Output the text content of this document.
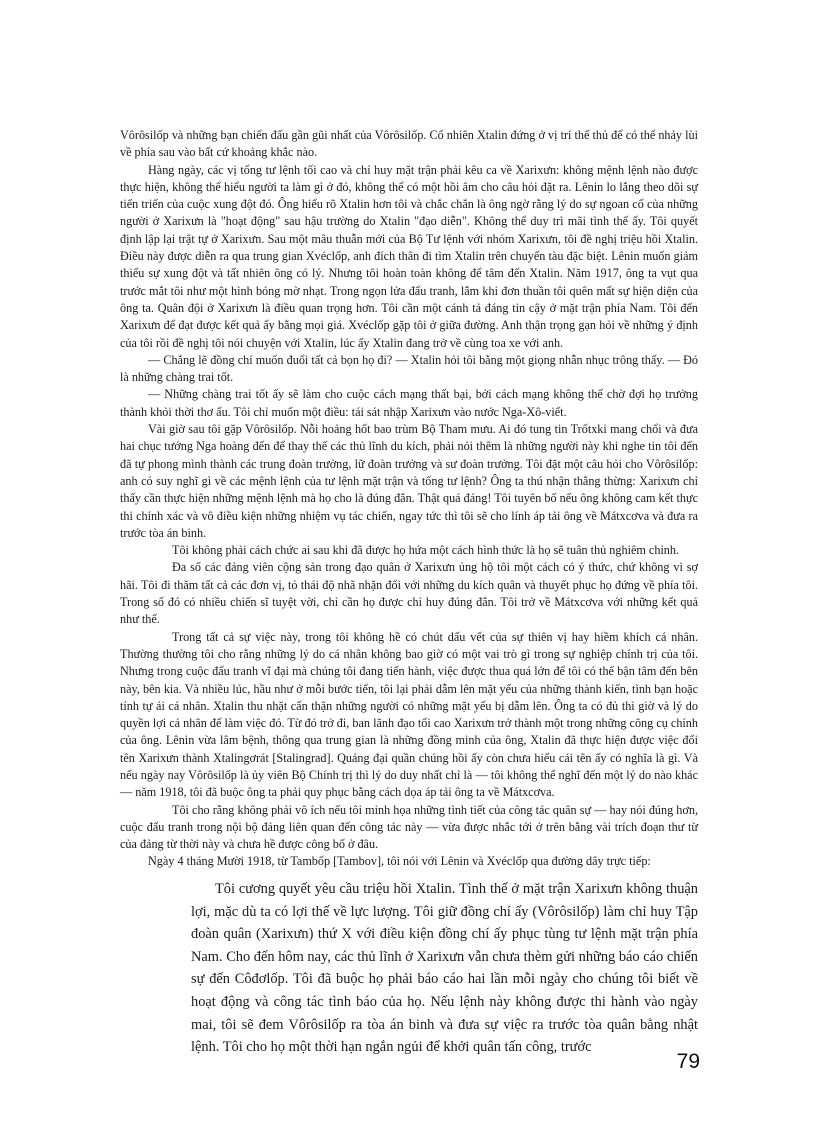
Vôrôsilốp và những bạn chiến đấu gần gũi nhất của Vôrôsilốp. Cố nhiên Xtalin đứng ở vị trí thế thủ để có thể nhảy lùi về phía sau vào bất cứ khoảng khắc nào.

Hàng ngày, các vị tổng tư lệnh tối cao và chỉ huy mặt trận phải kêu ca về Xarixưn: không mệnh lệnh nào được thực hiện, không thể hiểu người ta làm gì ở đó, không thể có một hồi âm cho câu hỏi đặt ra. Lênin lo lắng theo dõi sự tiến triển của cuộc xung đột đó. Ông hiểu rõ Xtalin hơn tôi và chắc chắn là ông ngờ rằng lý do sự ngoan cố của những người ở Xarixưn là "hoạt động" sau hậu trường do Xtalin "đạo diễn". Không thể duy trì mãi tình thế ấy. Tôi quyết định lập lại trật tự ở Xarixưn. Sau một mâu thuẫn mới của Bộ Tư lệnh với nhóm Xarixưn, tôi đề nghị triệu hồi Xtalin. Điều này được diễn ra qua trung gian Xvéclốp, anh đích thân đi tìm Xtalin trên chuyến tàu đặc biệt. Lênin muốn giảm thiểu sự xung đột và tất nhiên ông có lý. Nhưng tôi hoàn toàn không để tâm đến Xtalin. Năm 1917, ông ta vụt qua trước mắt tôi như một hình bóng mờ nhạt. Trong ngọn lửa đấu tranh, lắm khi đơn thuần tôi quên mất sự hiện diện của ông ta. Quân đội ở Xarixưn là điều quan trọng hơn. Tôi cần một cánh tả đáng tin cậy ở mặt trận phía Nam. Tôi đến Xarixưn để đạt được kết quả ấy bằng mọi giá. Xvéclốp gặp tôi ở giữa đường. Anh thận trọng gạn hỏi về những ý định của tôi rồi đề nghị tôi nói chuyện với Xtalin, lúc ấy Xtalin đang trở về cùng toa xe với anh.

— Chẳng lẽ đồng chí muốn đuổi tất cả bọn họ đi? — Xtalin hỏi tôi bằng một giọng nhẫn nhục trông thấy. — Đó là những chàng trai tốt.

— Những chàng trai tốt ấy sẽ làm cho cuộc cách mạng thất bại, bởi cách mạng không thể chờ đợi họ trưởng thành khỏi thời thơ ấu. Tôi chỉ muốn một điều: tái sát nhập Xarixưn vào nước Nga-Xô-viết.

Vài giờ sau tôi gặp Vôrôsilốp. Nỗi hoảng hốt bao trùm Bộ Tham mưu. Ai đó tung tin Trốtxki mang chổi và đưa hai chục tướng Nga hoàng đến để thay thế các thủ lĩnh du kích, phải nói thêm là những người này khi nghe tin tôi đến đã tự phong mình thành các trung đoàn trưởng, lữ đoàn trưởng và sư đoàn trưởng. Tôi đặt một câu hỏi cho Vôrôsilốp: anh có suy nghĩ gì về các mệnh lệnh của tư lệnh mặt trận và tổng tư lệnh? Ông ta thú nhận thẳng thừng: Xarixưn chỉ thấy cần thực hiện những mệnh lệnh mà họ cho là đúng đắn. Thật quá đáng! Tôi tuyên bố nếu ông không cam kết thực thi chính xác và vô điều kiện những nhiệm vụ tác chiến, ngay tức thì tôi sẽ cho lính áp tải ông về Mátxcơva và đưa ra trước tòa án binh.

Tôi không phải cách chức ai sau khi đã được họ hứa một cách hình thức là họ sẽ tuân thủ nghiêm chỉnh.

Đa số các đảng viên cộng sản trong đạo quân ở Xarixưn ủng hộ tôi một cách có ý thức, chứ không vì sợ hãi. Tôi đi thăm tất cả các đơn vị, tỏ thái độ nhã nhặn đối với những du kích quân và thuyết phục họ đứng về phía tôi. Trong số đó có nhiều chiến sĩ tuyệt vời, chỉ cần họ được chỉ huy đúng đắn. Tôi trở về Mátxcơva với những kết quả như thế.

Trong tất cả sự việc này, trong tôi không hề có chút dấu vết của sự thiên vị hay hiềm khích cá nhân. Thường thường tôi cho rằng những lý do cá nhân không bao giờ có một vai trò gì trong sự nghiệp chính trị của tôi. Nhưng trong cuộc đấu tranh vĩ đại mà chúng tôi đang tiến hành, việc được thua quá lớn để tôi có thể bận tâm đến bên này, bên kia. Và nhiều lúc, hầu như ở mỗi bước tiến, tôi lại phải dẫm lên mặt yếu của những thành kiến, tình bạn hoặc tính tự ái cá nhân. Xtalin thu nhặt cẩn thận những người có những mặt yếu bị dẫm lên. Ông ta có đủ thì giờ và lý do quyền lợi cá nhân để làm việc đó. Từ đó trở đi, ban lãnh đạo tối cao Xarixưn trở thành một trong những công cụ chính của ông. Lênin vừa lâm bệnh, thông qua trung gian là những đồng minh của ông, Xtalin đã thực hiện được việc đổi tên Xarixưn thành Xtalingơrát [Stalingrad]. Quảng đại quần chúng hồi ấy còn chưa hiểu cái tên ấy có nghĩa là gì. Và nếu ngày nay Vôrôsilốp là ủy viên Bộ Chính trị thì lý do duy nhất chỉ là — tôi không thể nghĩ đến một lý do nào khác — năm 1918, tôi đã buộc ông ta phải quy phục bằng cách dọa áp tải ông ta về Mátxcơva.

Tôi cho rằng không phải vô ích nếu tôi minh họa những tình tiết của công tác quân sự — hay nói đúng hơn, cuộc đấu tranh trong nội bộ đảng liên quan đến công tác này — vừa được nhắc tới ở trên bằng vài trích đoạn thư từ của đảng từ thời này và chưa hề được công bố ở đâu.

Ngày 4 tháng Mười 1918, từ Tambốp [Tambov], tôi nói với Lênin và Xvéclốp qua đường dây trực tiếp:

Tôi cương quyết yêu cầu triệu hồi Xtalin. Tình thế ở mặt trận Xarixưn không thuận lợi, mặc dù ta có lợi thế về lực lượng. Tôi giữ đồng chí ấy (Vôrôsilốp) làm chỉ huy Tập đoàn quân (Xarixưn) thứ X với điều kiện đồng chí ấy phục tùng tư lệnh mặt trận phía Nam. Cho đến hôm nay, các thủ lĩnh ở Xarixưn vẫn chưa thèm gửi những báo cáo chiến sự đến Côđơlốp. Tôi đã buộc họ phải báo cáo hai lần mỗi ngày cho chúng tôi biết về hoạt động và công tác tình báo của họ. Nếu lệnh này không được thi hành vào ngày mai, tôi sẽ đem Vôrôsilốp ra tòa án binh và đưa sự việc ra trước tòa quân bằng nhật lệnh. Tôi cho họ một thời hạn ngắn ngủi để khởi quân tấn công, trước

79
